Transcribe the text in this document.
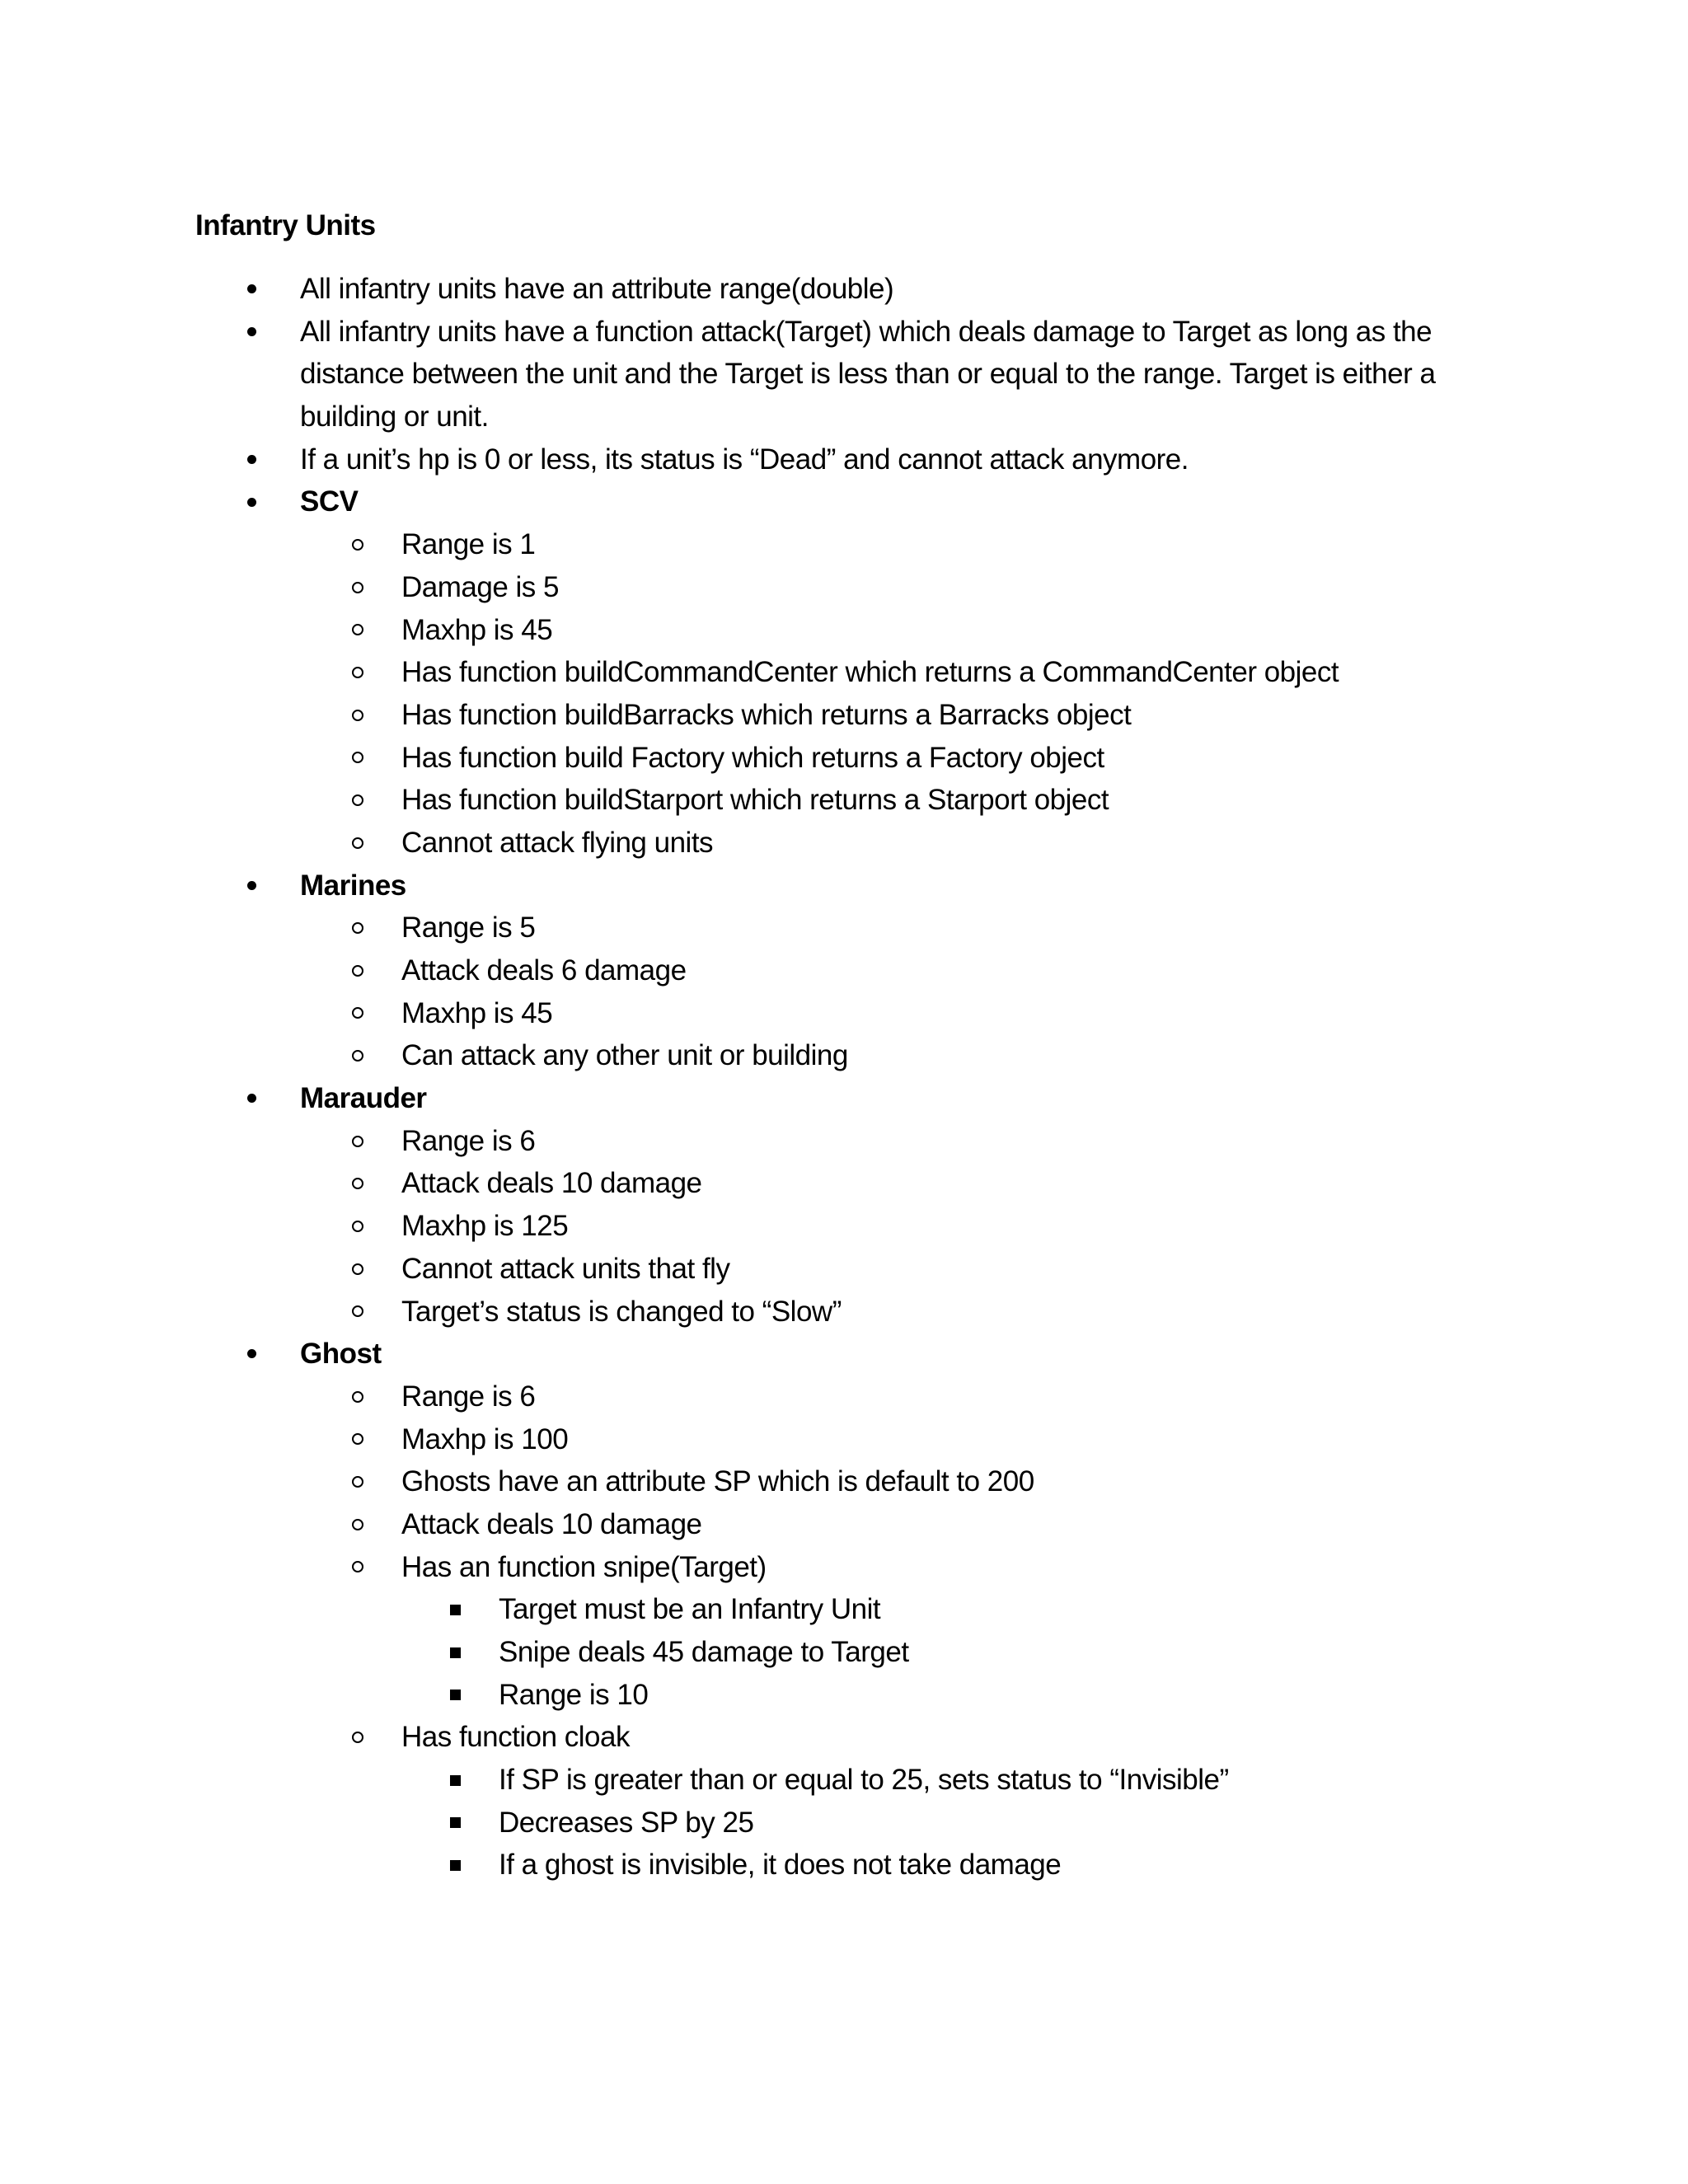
Infantry Units
All infantry units have an attribute range(double)
All infantry units have a function attack(Target) which deals damage to Target as long as the
distance between the unit and the Target is less than or equal to the range. Target is either a
building or unit.
If a unit’s hp is 0 or less, its status is “Dead” and cannot attack anymore.
SCV
Range is 1
Damage is 5
Maxhp is 45
Has function buildCommandCenter which returns a CommandCenter object
Has function buildBarracks which returns a Barracks object
Has function build Factory which returns a Factory object
Has function buildStarport which returns a Starport object
Cannot attack flying units
Marines
Range is 5
Attack deals 6 damage
Maxhp is 45
Can attack any other unit or building
Marauder
Range is 6
Attack deals 10 damage
Maxhp is 125
Cannot attack units that fly
Target’s status is changed to “Slow”
Ghost
Range is 6
Maxhp is 100
Ghosts have an attribute SP which is default to 200
Attack deals 10 damage
Has an function snipe(Target)
Target must be an Infantry Unit
Snipe deals 45 damage to Target
Range is 10
Has function cloak
If SP is greater than or equal to 25, sets status to “Invisible”
Decreases SP by 25
If a ghost is invisible, it does not take damage
